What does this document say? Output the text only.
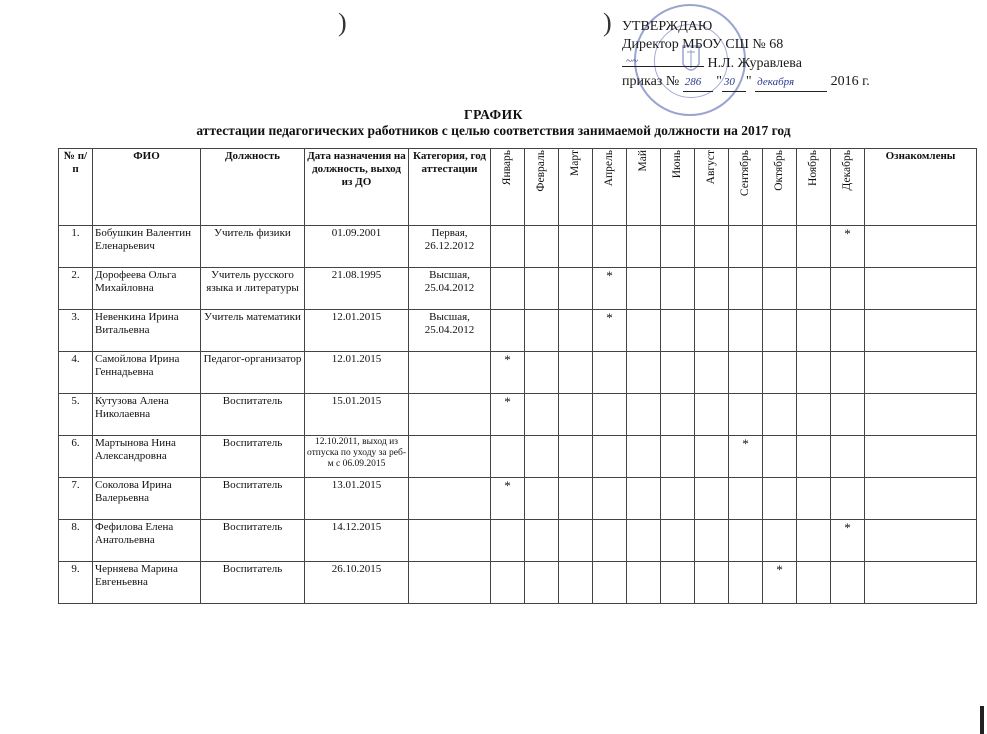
)	) УТВЕРЖДАЮ
Директор МБОУ СШ № 68
~~	Н.Л. Журавлева
приказ № 286 " 30 " декабря	2016 г.
ГРАФИК
аттестации педагогических работников с целью соответствия занимаемой должности на 2017 год
№ п/п	ФИО	Должность	Дата назначения на должность, выход из ДО	Категория, год аттестации	Январь	Февраль	Март	Апрель	Май	Июнь	Август	Сентябрь	Октябрь	Ноябрь	Декабрь	Ознакомлены
1.	Бобушкин Валентин Еленарьевич	Учитель физики	01.09.2001	Первая, 26.12.2012											*	
2.	Дорофеева Ольга Михайловна	Учитель русского языка и литературы	21.08.1995	Высшая, 25.04.2012				*								
3.	Невенкина Ирина Витальевна	Учитель математики	12.01.2015	Высшая, 25.04.2012				*								
4.	Самойлова Ирина Геннадьевна	Педагог-организатор	12.01.2015		*											
5.	Кутузова Алена Николаевна	Воспитатель	15.01.2015		*											
6.	Мартынова Нина Александровна	Воспитатель	12.10.2011, выход из отпуска по уходу за реб-м с 06.09.2015									*				
7.	Соколова Ирина Валерьевна	Воспитатель	13.01.2015		*											
8.	Фефилова Елена Анатольевна	Воспитатель	14.12.2015												*	
9.	Черняева Марина Евгеньевна	Воспитатель	26.10.2015										*			
